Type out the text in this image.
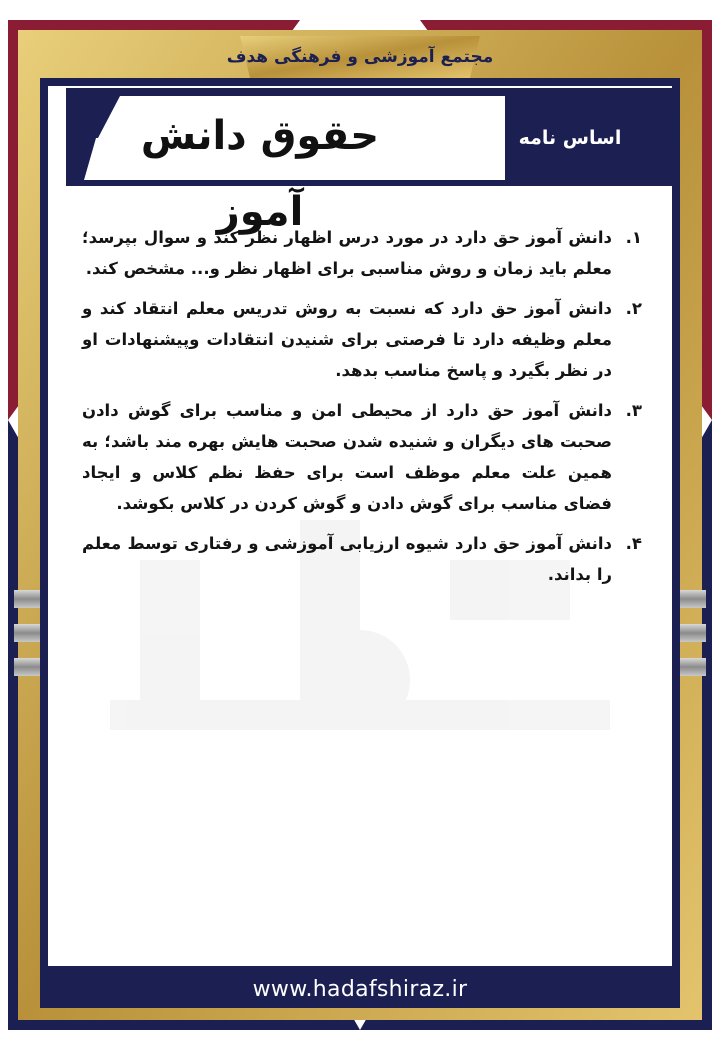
مجتمع آموزشی و فرهنگی هدف
حقوق دانش آموز
اساس نامه
۱.
دانش آموز حق دارد در مورد درس اظهار نظر کند و سوال بپرسد؛ معلم باید زمان و روش مناسبی برای اظهار نظر و... مشخص کند.
۲.
دانش آموز حق دارد که نسبت به روش تدریس معلم انتقاد کند و معلم وظیفه دارد تا فرصتی برای شنیدن انتقادات وپیشنهادات او در نظر بگیرد و پاسخ مناسب بدهد.
۳.
دانش آموز حق دارد از محیطی امن و مناسب برای گوش دادن صحبت های دیگران و شنیده شدن صحبت هایش بهره مند باشد؛ به همین علت معلم موظف است برای حفظ نظم کلاس و ایجاد فضای مناسب برای گوش دادن و گوش کردن در کلاس بکوشد.
۴.
دانش آموز حق دارد شیوه ارزیابی آموزشی و رفتاری توسط معلم را بداند.
www.hadafshiraz.ir
